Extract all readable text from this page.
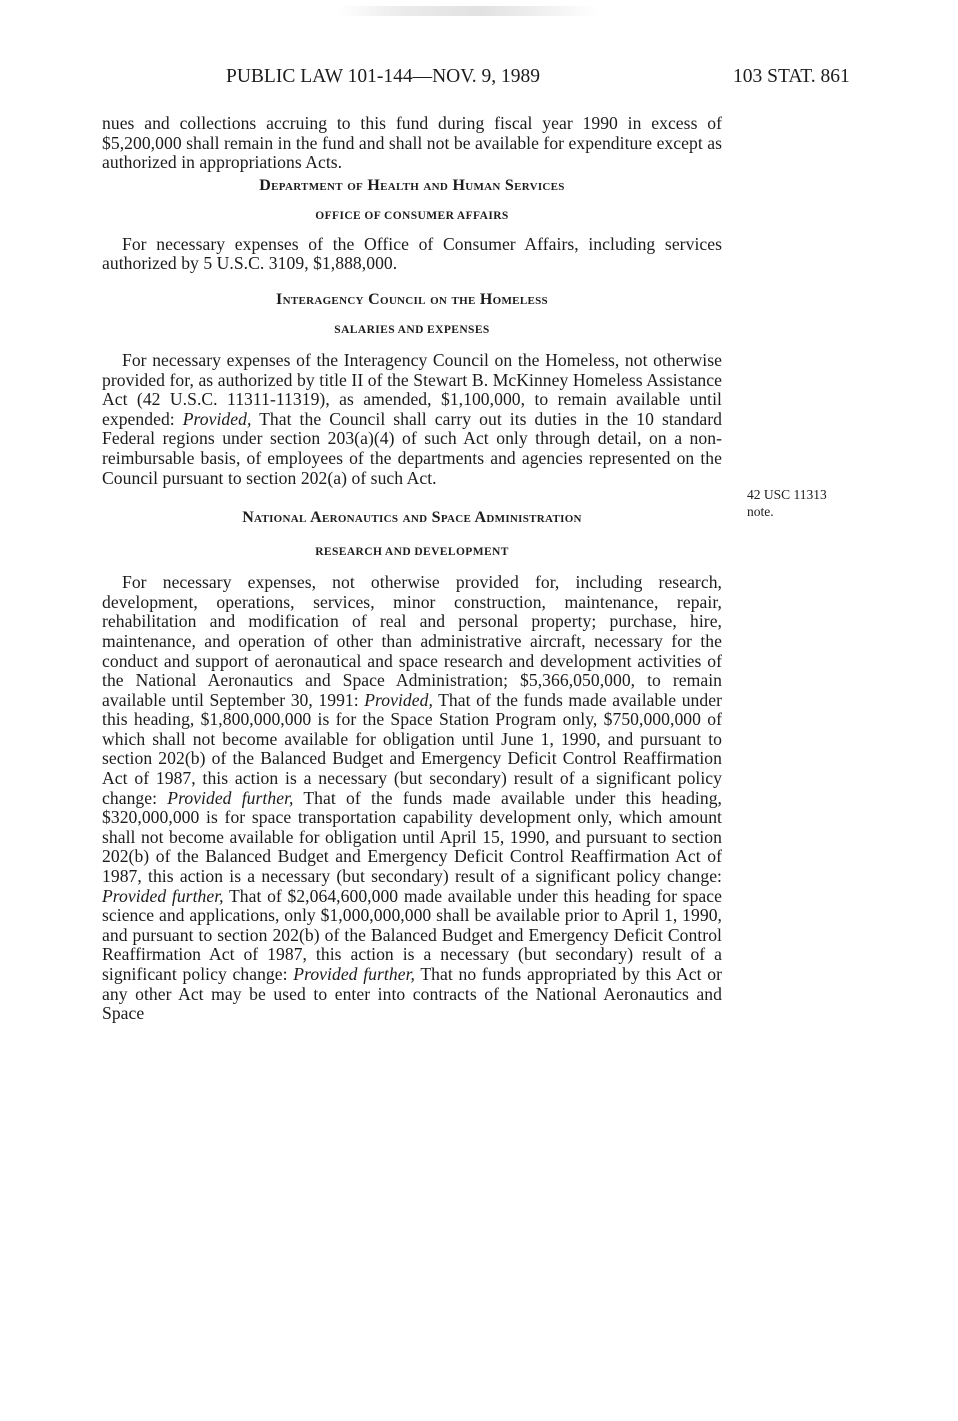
PUBLIC LAW 101-144—NOV. 9, 1989	103 STAT. 861

nues and collections accruing to this fund during fiscal year 1990 in excess of $5,200,000 shall remain in the fund and shall not be available for expenditure except as authorized in appropriations Acts.

Department of Health and Human Services
OFFICE OF CONSUMER AFFAIRS

For necessary expenses of the Office of Consumer Affairs, including services authorized by 5 U.S.C. 3109, $1,888,000.

Interagency Council on the Homeless
SALARIES AND EXPENSES

For necessary expenses of the Interagency Council on the Homeless, not otherwise provided for, as authorized by title II of the Stewart B. McKinney Homeless Assistance Act (42 U.S.C. 11311-11319), as amended, $1,100,000, to remain available until expended: Provided, That the Council shall carry out its duties in the 10 standard Federal regions under section 203(a)(4) of such Act only through detail, on a non-reimbursable basis, of employees of the departments and agencies represented on the Council pursuant to section 202(a) of such Act.

National Aeronautics and Space Administration
RESEARCH AND DEVELOPMENT

For necessary expenses, not otherwise provided for, including research, development, operations, services, minor construction, maintenance, repair, rehabilitation and modification of real and personal property; purchase, hire, maintenance, and operation of other than administrative aircraft, necessary for the conduct and support of aeronautical and space research and development activities of the National Aeronautics and Space Administration; $5,366,050,000, to remain available until September 30, 1991: Provided, That of the funds made available under this heading, $1,800,000,000 is for the Space Station Program only, $750,000,000 of which shall not become available for obligation until June 1, 1990, and pursuant to section 202(b) of the Balanced Budget and Emergency Deficit Control Reaffirmation Act of 1987, this action is a necessary (but secondary) result of a significant policy change: Provided further, That of the funds made available under this heading, $320,000,000 is for space transportation capability development only, which amount shall not become available for obligation until April 15, 1990, and pursuant to section 202(b) of the Balanced Budget and Emergency Deficit Control Reaffirmation Act of 1987, this action is a necessary (but secondary) result of a significant policy change: Provided further, That of $2,064,600,000 made available under this heading for space science and applications, only $1,000,000,000 shall be available prior to April 1, 1990, and pursuant to section 202(b) of the Balanced Budget and Emergency Deficit Control Reaffirmation Act of 1987, this action is a necessary (but secondary) result of a significant policy change: Provided further, That no funds appropriated by this Act or any other Act may be used to enter into contracts of the National Aeronautics and Space

42 USC 11313
note.
